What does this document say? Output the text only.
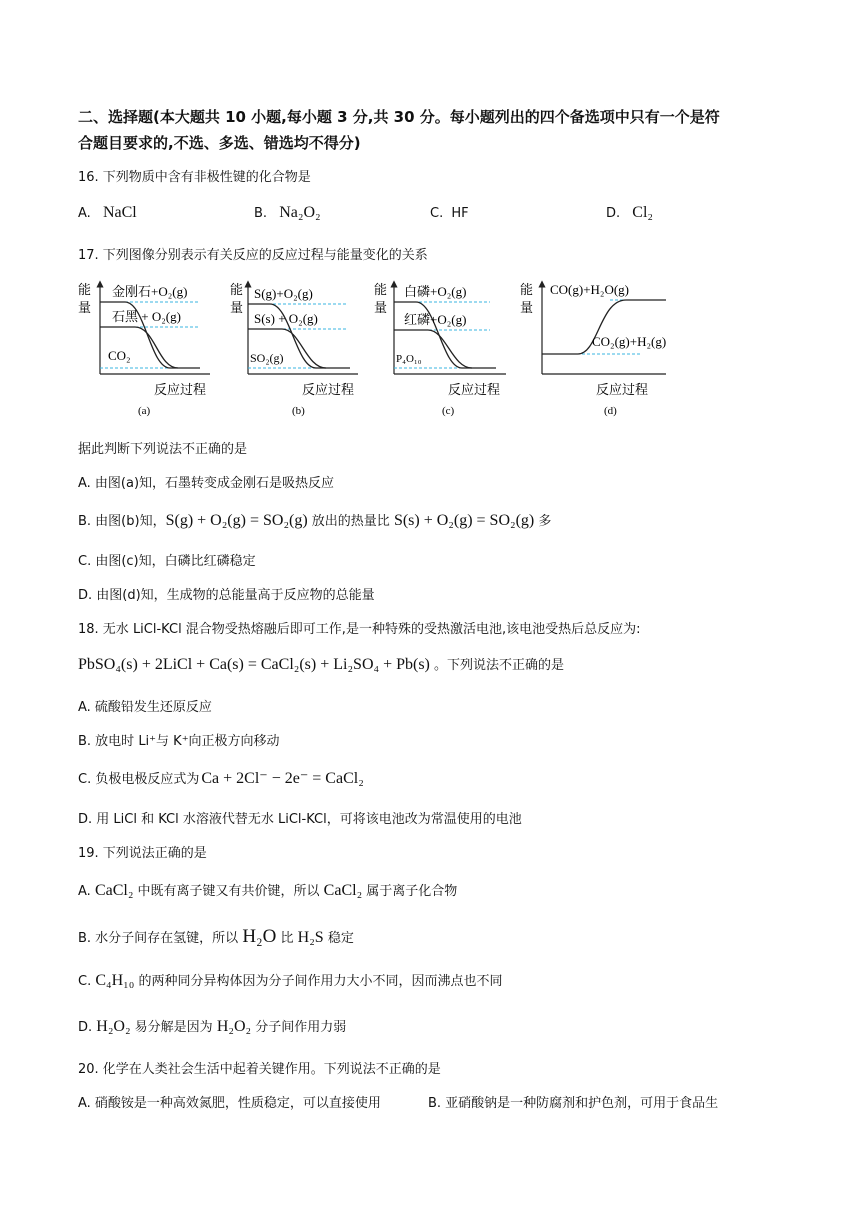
二、选择题(本大题共 10 小题,每小题 3 分,共 30 分。每小题列出的四个备选项中只有一个是符
合题目要求的,不选、多选、错选均不得分)
16. 下列物质中含有非极性键的化合物是
A. NaCl	B. Na₂O₂	C. HF	D. Cl₂
17. 下列图像分别表示有关反应的反应过程与能量变化的关系
能
量
金刚石+O₂(g)
石黑 + O₂(g)
CO₂
反应过程
(a)
能
量
S(g)+O₂(g)
S(s) + O₂(g)
SO₂(g)
反应过程
(b)
能
量
白磷+O₂(g)
红磷+O₂(g)
P₄O₁₀
反应过程
(c)
能
量
CO(g)+H₂O(g)
CO₂(g)+H₂(g)
反应过程
(d)
据此判断下列说法不正确的是
A. 由图(a)知，石墨转变成金刚石是吸热反应
B. 由图(b)知，S(g) + O₂(g) = SO₂(g) 放出的热量比 S(s) + O₂(g) = SO₂(g) 多
C. 由图(c)知，白磷比红磷稳定
D. 由图(d)知，生成物的总能量高于反应物的总能量
18. 无水 LiCl-KCl 混合物受热熔融后即可工作,是一种特殊的受热激活电池,该电池受热后总反应为:
PbSO₄(s) + 2LiCl + Ca(s) = CaCl₂(s) + Li₂SO₄ + Pb(s) 。下列说法不正确的是
A. 硫酸铅发生还原反应
B. 放电时 Li⁺与 K⁺向正极方向移动
C. 负极电极反应式为 Ca + 2Cl⁻ − 2e⁻ = CaCl₂
D. 用 LiCl 和 KCl 水溶液代替无水 LiCl-KCl，可将该电池改为常温使用的电池
19. 下列说法正确的是
A. CaCl₂ 中既有离子键又有共价键，所以 CaCl₂ 属于离子化合物
B. 水分子间存在氢键，所以 H₂O 比 H₂S 稳定
C. C₄H₁₀ 的两种同分异构体因为分子间作用力大小不同，因而沸点也不同
D. H₂O₂ 易分解是因为 H₂O₂ 分子间作用力弱
20. 化学在人类社会生活中起着关键作用。下列说法不正确的是
A. 硝酸铵是一种高效氮肥，性质稳定，可以直接使用	B. 亚硝酸钠是一种防腐剂和护色剂，可用于食品生
